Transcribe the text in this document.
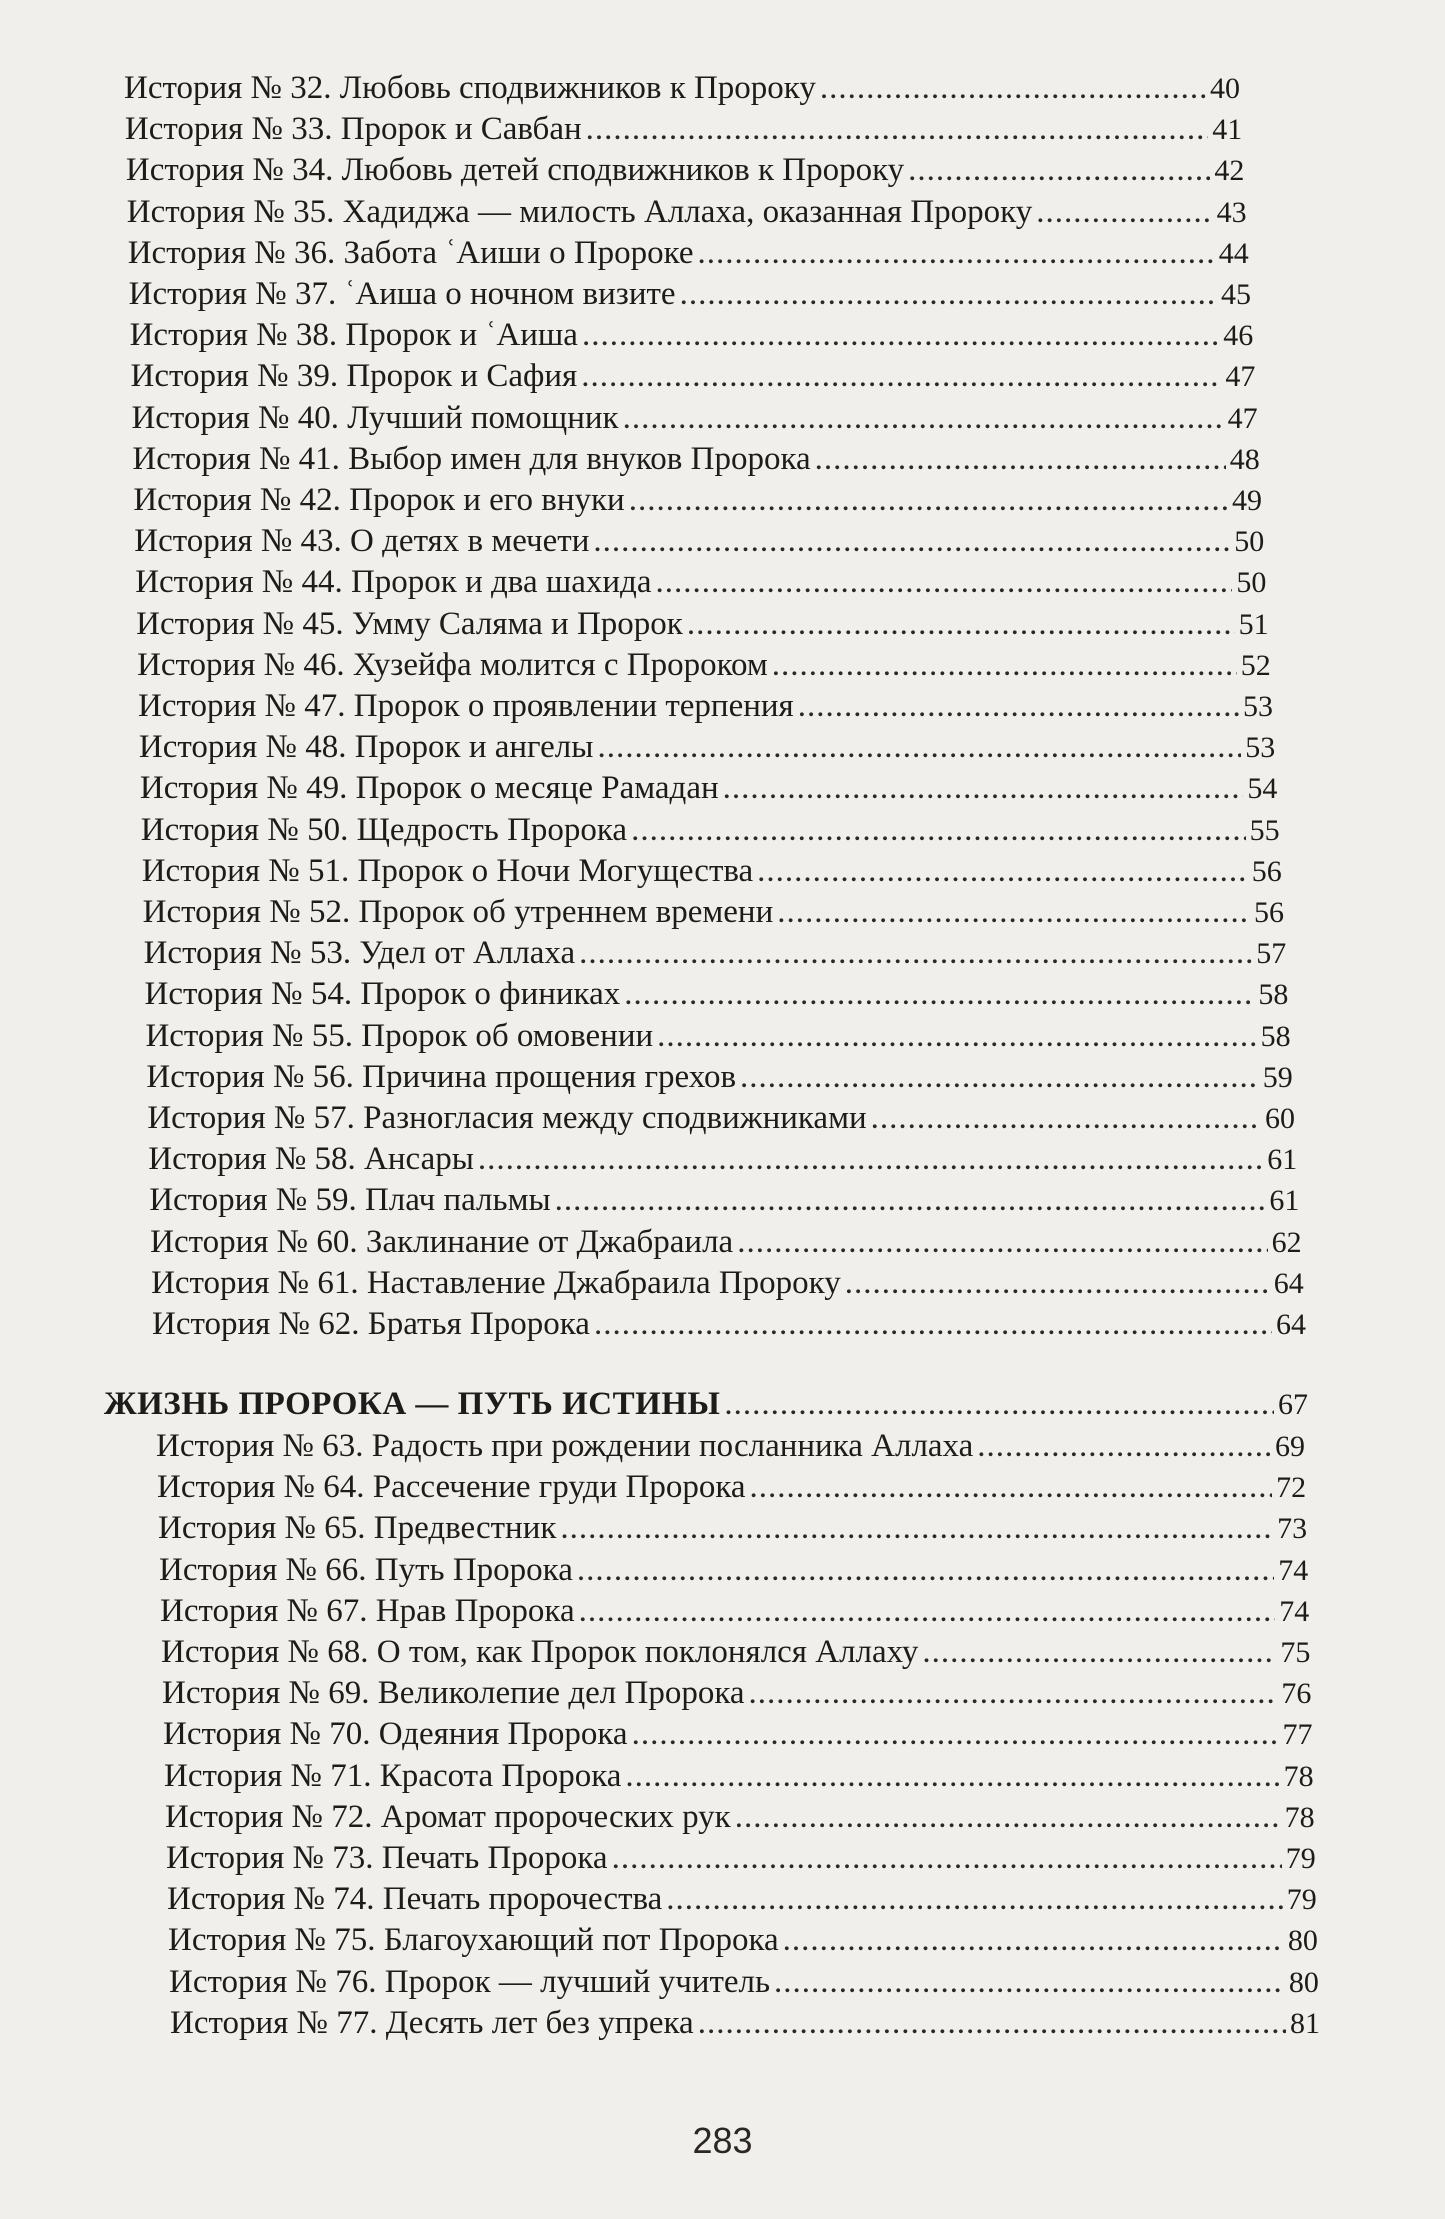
История № 32. Любовь сподвижников к Пророку .....	40
История № 33. Пророк и Савбан .....	41
История № 34. Любовь детей сподвижников к Пророку .....	42
История № 35. Хадиджа — милость Аллаха, оказанная Пророку .....	43
История № 36. Забота ʿАиши о Пророке .....	44
История № 37. ʿАиша о ночном визите .....	45
История № 38. Пророк и ʿАиша .....	46
История № 39. Пророк и Сафия .....	47
История № 40. Лучший помощник .....	47
История № 41. Выбор имен для внуков Пророка .....	48
История № 42. Пророк и его внуки .....	49
История № 43. О детях в мечети .....	50
История № 44. Пророк и два шахида .....	50
История № 45. Умму Саляма и Пророк .....	51
История № 46. Хузейфа молится с Пророком .....	52
История № 47. Пророк о проявлении терпения .....	53
История № 48. Пророк и ангелы .....	53
История № 49. Пророк о месяце Рамадан .....	54
История № 50. Щедрость Пророка .....	55
История № 51. Пророк о Ночи Могущества .....	56
История № 52. Пророк об утреннем времени .....	56
История № 53. Удел от Аллаха .....	57
История № 54. Пророк о финиках .....	58
История № 55. Пророк об омовении .....	58
История № 56. Причина прощения грехов .....	59
История № 57. Разногласия между сподвижниками .....	60
История № 58. Ансары .....	61
История № 59. Плач пальмы .....	61
История № 60. Заклинание от Джабраила .....	62
История № 61. Наставление Джабраила Пророку .....	64
История № 62. Братья Пророка .....	64
ЖИЗНЬ ПРОРОКА — ПУТЬ ИСТИНЫ .....	67
История № 63. Радость при рождении посланника Аллаха .....	69
История № 64. Рассечение груди Пророка .....	72
История № 65. Предвестник .....	73
История № 66. Путь Пророка .....	74
История № 67. Нрав Пророка .....	74
История № 68. О том, как Пророк поклонялся Аллаху .....	75
История № 69. Великолепие дел Пророка .....	76
История № 70. Одеяния Пророка .....	77
История № 71. Красота Пророка .....	78
История № 72. Аромат пророческих рук .....	78
История № 73. Печать Пророка .....	79
История № 74. Печать пророчества .....	79
История № 75. Благоухающий пот Пророка .....	80
История № 76. Пророк — лучший учитель .....	80
История № 77. Десять лет без упрека .....	81
283
